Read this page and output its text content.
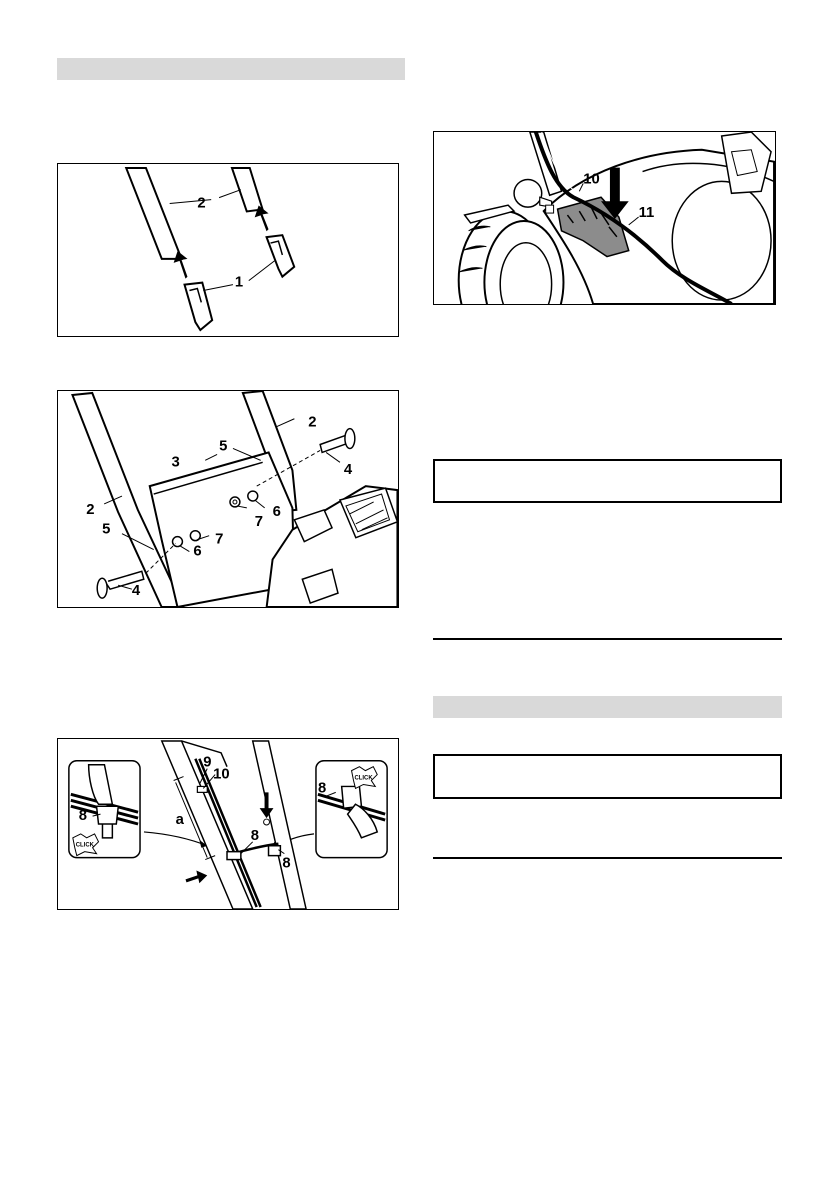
2
1
2
5
3	4
2	6
7
5
7
6
4
CLICK
8
CLICK
8
a
9
10
8
8
10
11
